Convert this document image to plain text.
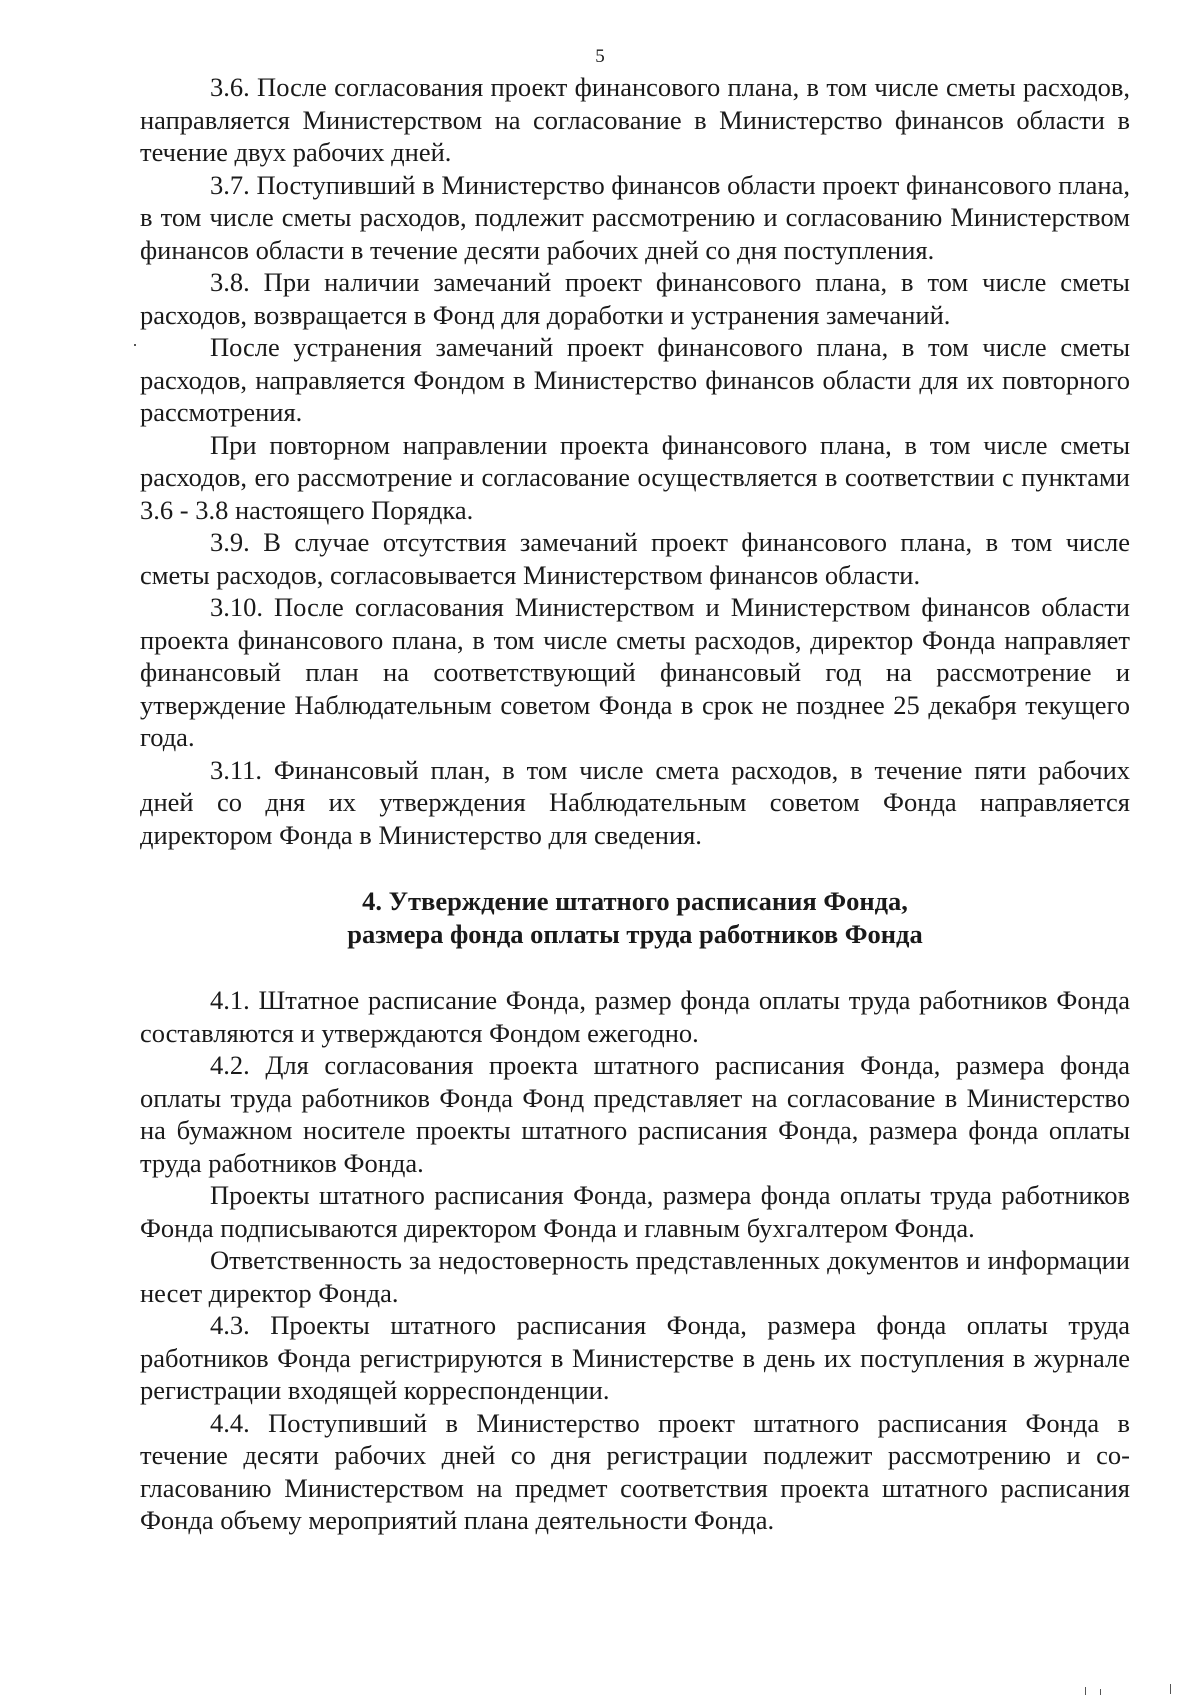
5

3.6. После согласования проект финансового плана, в том числе сметы расходов, направляется Министерством на согласование в Министерство финансов области в течение двух рабочих дней.

3.7. Поступивший в Министерство финансов области проект финансового плана, в том числе сметы расходов, подлежит рассмотрению и согласованию Министерством финансов области в течение десяти рабочих дней со дня поступления.

3.8. При наличии замечаний проект финансового плана, в том числе сметы расходов, возвращается в Фонд для доработки и устранения замечаний.

После устранения замечаний проект финансового плана, в том числе сметы расходов, направляется Фондом в Министерство финансов области для их повторного рассмотрения.

При повторном направлении проекта финансового плана, в том числе сметы расходов, его рассмотрение и согласование осуществляется в соответствии с пунктами 3.6 - 3.8 настоящего Порядка.

3.9. В случае отсутствия замечаний проект финансового плана, в том числе сметы расходов, согласовывается Министерством финансов области.

3.10. После согласования Министерством и Министерством финансов области проекта финансового плана, в том числе сметы расходов, директор Фонда направляет финансовый план на соответствующий финансовый год на рассмотрение и утверждение Наблюдательным советом Фонда в срок не позднее 25 декабря текущего года.

3.11. Финансовый план, в том числе смета расходов, в течение пяти рабочих дней со дня их утверждения Наблюдательным советом Фонда направляется директором Фонда в Министерство для сведения.

4. Утверждение штатного расписания Фонда,
размера фонда оплаты труда работников Фонда

4.1. Штатное расписание Фонда, размер фонда оплаты труда работников Фонда составляются и утверждаются Фондом ежегодно.

4.2. Для согласования проекта штатного расписания Фонда, размера фонда оплаты труда работников Фонда Фонд представляет на согласование в Министерство на бумажном носителе проекты штатного расписания Фонда, размера фонда оплаты труда работников Фонда.

Проекты штатного расписания Фонда, размера фонда оплаты труда работников Фонда подписываются директором Фонда и главным бухгалтером Фонда.

Ответственность за недостоверность представленных документов и информации несет директор Фонда.

4.3. Проекты штатного расписания Фонда, размера фонда оплаты труда работников Фонда регистрируются в Министерстве в день их поступления в журнале регистрации входящей корреспонденции.

4.4. Поступивший в Министерство проект штатного расписания Фонда в течение десяти рабочих дней со дня регистрации подлежит рассмотрению и согласованию Министерством на предмет соответствия проекта штатного расписания Фонда объему мероприятий плана деятельности Фонда.
